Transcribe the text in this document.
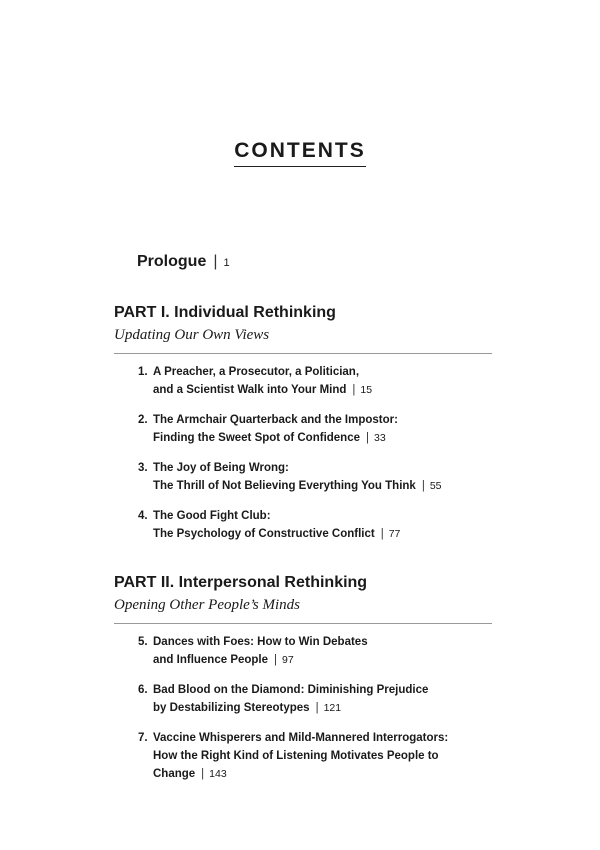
CONTENTS
Prologue | 1
PART I. Individual Rethinking

Updating Our Own Views

1. A Preacher, a Prosecutor, a Politician,
and a Scientist Walk into Your Mind | 15
2. The Armchair Quarterback and the Impostor:
Finding the Sweet Spot of Confidence | 33
3. The Joy of Being Wrong:
The Thrill of Not Believing Everything You Think | 55
4. The Good Fight Club:
The Psychology of Constructive Conflict | 77
PART II. Interpersonal Rethinking

Opening Other People’s Minds

5. Dances with Foes: How to Win Debates
and Influence People | 97
6. Bad Blood on the Diamond: Diminishing Prejudice
by Destabilizing Stereotypes | 121
7. Vaccine Whisperers and Mild-Mannered Interrogators:
How the Right Kind of Listening Motivates People to
Change | 143
